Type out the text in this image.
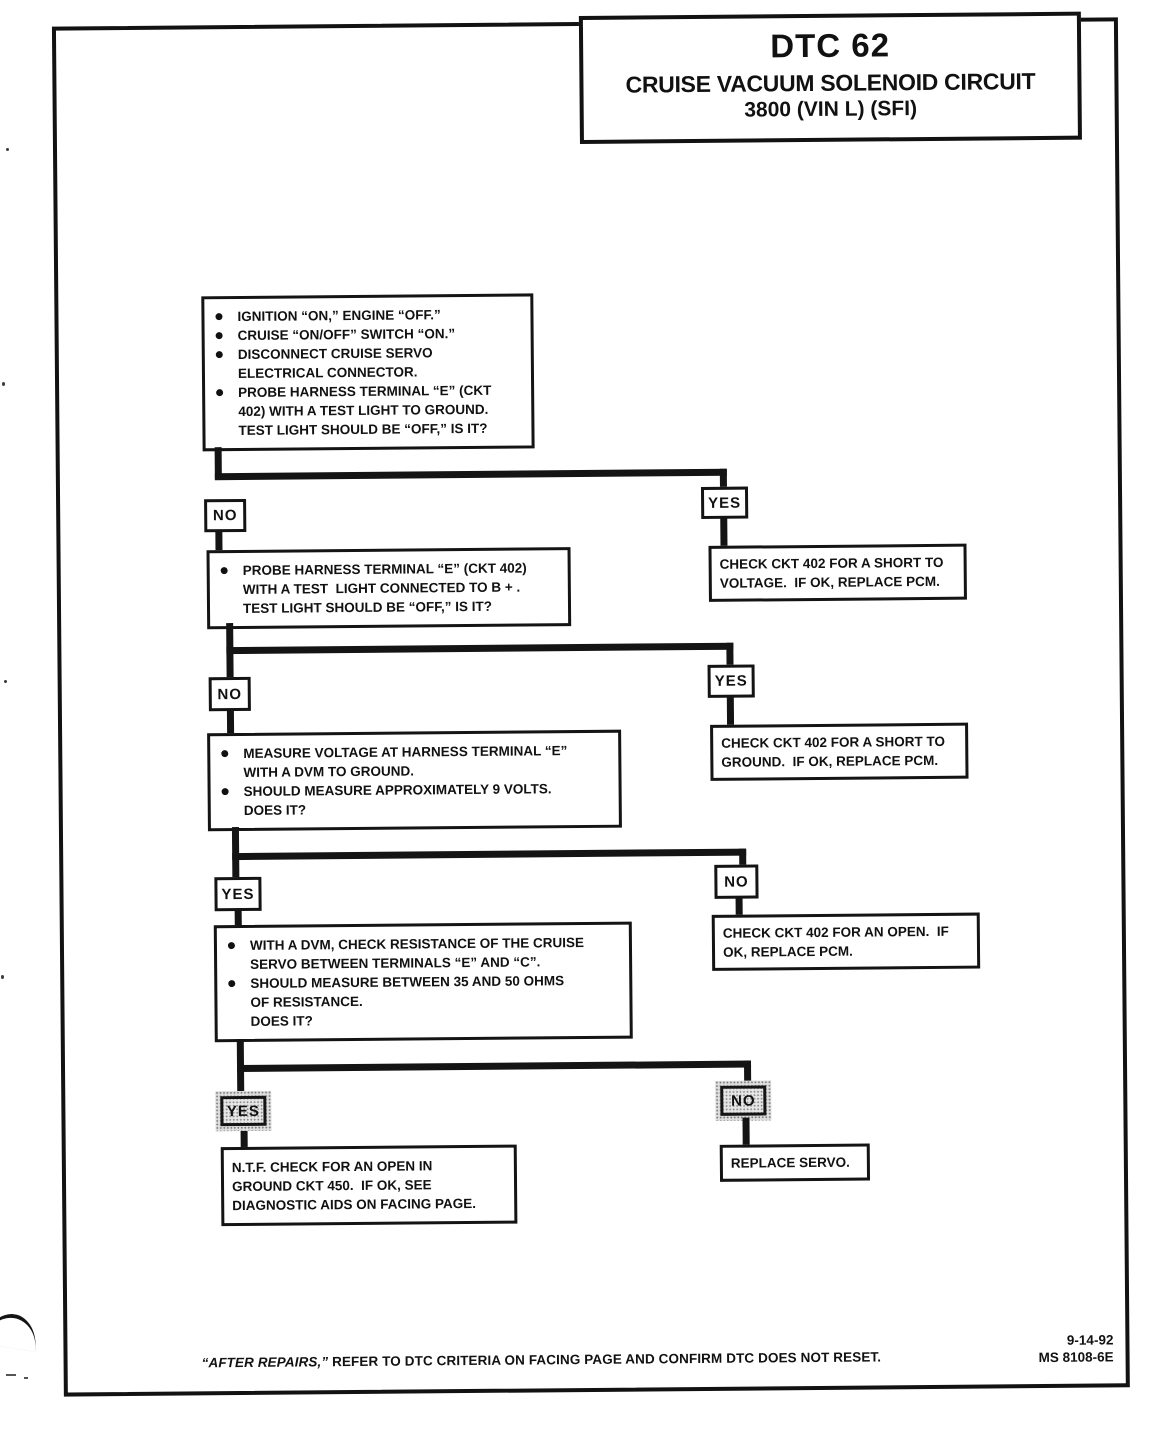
DTC 62
CRUISE VACUUM SOLENOID CIRCUIT
3800 (VIN L) (SFI)
IGNITION “ON,” ENGINE “OFF.”
CRUISE “ON/OFF” SWITCH “ON.”
DISCONNECT CRUISE SERVO
ELECTRICAL CONNECTOR.
PROBE HARNESS TERMINAL “E” (CKT
402) WITH A TEST LIGHT TO GROUND.
TEST LIGHT SHOULD BE “OFF,” IS IT?
NO
YES
PROBE HARNESS TERMINAL “E” (CKT 402)
WITH A TEST  LIGHT CONNECTED TO B + .
TEST LIGHT SHOULD BE “OFF,” IS IT?
CHECK CKT 402 FOR A SHORT TO
VOLTAGE.  IF OK, REPLACE PCM.
NO
YES
MEASURE VOLTAGE AT HARNESS TERMINAL “E”
WITH A DVM TO GROUND.
SHOULD MEASURE APPROXIMATELY 9 VOLTS.
DOES IT?
CHECK CKT 402 FOR A SHORT TO
GROUND.  IF OK, REPLACE PCM.
YES
NO
WITH A DVM, CHECK RESISTANCE OF THE CRUISE
SERVO BETWEEN TERMINALS “E” AND “C”.
SHOULD MEASURE BETWEEN 35 AND 50 OHMS
OF RESISTANCE.
DOES IT?
CHECK CKT 402 FOR AN OPEN.  IF
OK, REPLACE PCM.
YES
NO
N.T.F. CHECK FOR AN OPEN IN
GROUND CKT 450.  IF OK, SEE
DIAGNOSTIC AIDS ON FACING PAGE.
REPLACE SERVO.
“AFTER REPAIRS,” REFER TO DTC CRITERIA ON FACING PAGE AND CONFIRM DTC DOES NOT RESET.
9-14-92
MS 8108-6E
